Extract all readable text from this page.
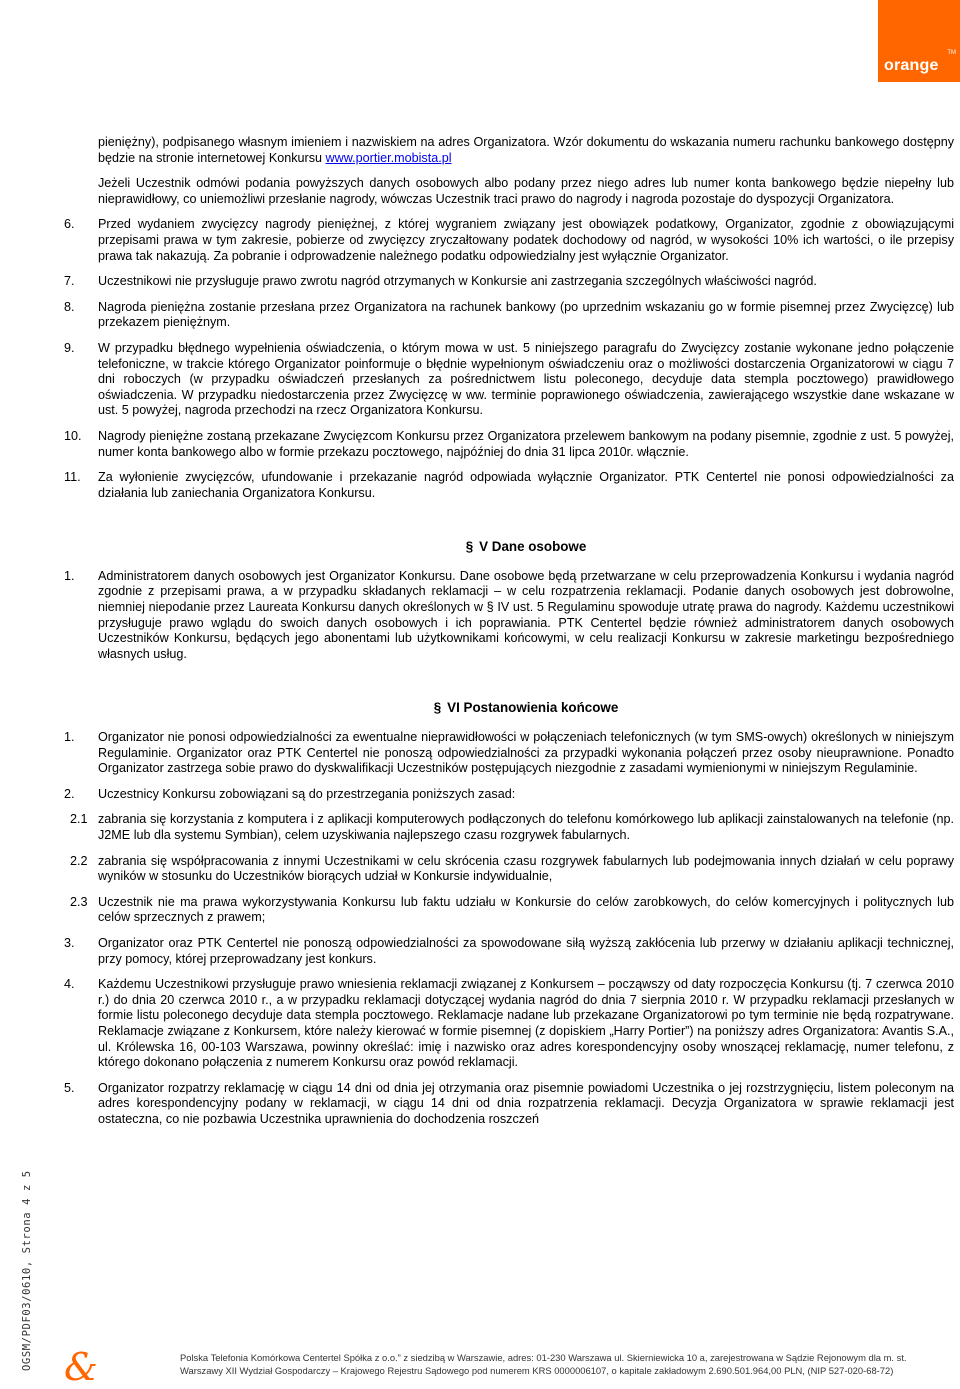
orange
TM

pieniężny), podpisanego własnym imieniem i nazwiskiem na adres Organizatora. Wzór dokumentu do wskazania numeru rachunku bankowego dostępny będzie na stronie internetowej Konkursu www.portier.mobista.pl

Jeżeli Uczestnik odmówi podania powyższych danych osobowych albo podany przez niego adres lub numer konta bankowego będzie niepełny lub nieprawidłowy, co uniemożliwi przesłanie nagrody, wówczas Uczestnik traci prawo do nagrody i nagroda pozostaje do dyspozycji Organizatora.

6. Przed wydaniem zwycięzcy nagrody pieniężnej, z której wygraniem związany jest obowiązek podatkowy, Organizator, zgodnie z obowiązującymi przepisami prawa w tym zakresie, pobierze od zwycięzcy zryczałtowany podatek dochodowy od nagród, w wysokości 10% ich wartości, o ile przepisy prawa tak nakazują. Za pobranie i odprowadzenie należnego podatku odpowiedzialny jest wyłącznie Organizator.
7. Uczestnikowi nie przysługuje prawo zwrotu nagród otrzymanych w Konkursie ani zastrzegania szczególnych właściwości nagród.
8. Nagroda pieniężna zostanie przesłana przez Organizatora na rachunek bankowy (po uprzednim wskazaniu go w formie pisemnej przez Zwycięzcę) lub przekazem pieniężnym.
9. W przypadku błędnego wypełnienia oświadczenia, o którym mowa w ust. 5 niniejszego paragrafu do Zwycięzcy zostanie wykonane jedno połączenie telefoniczne, w trakcie którego Organizator poinformuje o błędnie wypełnionym oświadczeniu oraz o możliwości dostarczenia Organizatorowi w ciągu 7 dni roboczych (w przypadku oświadczeń przesłanych za pośrednictwem listu poleconego, decyduje data stempla pocztowego) prawidłowego oświadczenia. W przypadku niedostarczenia przez Zwycięzcę w ww. terminie poprawionego oświadczenia, zawierającego wszystkie dane wskazane w ust. 5 powyżej, nagroda przechodzi na rzecz Organizatora Konkursu.
10. Nagrody pieniężne zostaną przekazane Zwycięzcom Konkursu przez Organizatora przelewem bankowym na podany pisemnie, zgodnie z ust. 5 powyżej, numer konta bankowego albo w formie przekazu pocztowego, najpóźniej do dnia 31 lipca 2010r. włącznie.
11. Za wyłonienie zwycięzców, ufundowanie i przekazanie nagród odpowiada wyłącznie Organizator. PTK Centertel nie ponosi odpowiedzialności za działania lub zaniechania Organizatora Konkursu.
§ V Dane osobowe
1. Administratorem danych osobowych jest Organizator Konkursu. Dane osobowe będą przetwarzane w celu przeprowadzenia Konkursu i wydania nagród zgodnie z przepisami prawa, a w przypadku składanych reklamacji – w celu rozpatrzenia reklamacji. Podanie danych osobowych jest dobrowolne, niemniej niepodanie przez Laureata Konkursu danych określonych w § IV ust. 5 Regulaminu spowoduje utratę prawa do nagrody. Każdemu uczestnikowi przysługuje prawo wglądu do swoich danych osobowych i ich poprawiania. PTK Centertel będzie również administratorem danych osobowych Uczestników Konkursu, będących jego abonentami lub użytkownikami końcowymi, w celu realizacji Konkursu w zakresie marketingu bezpośredniego własnych usług.
§ VI Postanowienia końcowe
1. Organizator nie ponosi odpowiedzialności za ewentualne nieprawidłowości w połączeniach telefonicznych (w tym SMS-owych) określonych w niniejszym Regulaminie. Organizator oraz PTK Centertel nie ponoszą odpowiedzialności za przypadki wykonania połączeń przez osoby nieuprawnione. Ponadto Organizator zastrzega sobie prawo do dyskwalifikacji Uczestników postępujących niezgodnie z zasadami wymienionymi w niniejszym Regulaminie.
2. Uczestnicy Konkursu zobowiązani są do przestrzegania poniższych zasad:
2.1 zabrania się korzystania z komputera i z aplikacji komputerowych podłączonych do telefonu komórkowego lub aplikacji zainstalowanych na telefonie (np. J2ME lub dla systemu Symbian), celem uzyskiwania najlepszego czasu rozgrywek fabularnych.
2.2 zabrania się współpracowania z innymi Uczestnikami w celu skrócenia czasu rozgrywek fabularnych lub podejmowania innych działań w celu poprawy wyników w stosunku do Uczestników biorących udział w Konkursie indywidualnie,
2.3 Uczestnik nie ma prawa wykorzystywania Konkursu lub faktu udziału w Konkursie do celów zarobkowych, do celów komercyjnych i politycznych lub celów sprzecznych z prawem;
3. Organizator oraz PTK Centertel nie ponoszą odpowiedzialności za spowodowane siłą wyższą zakłócenia lub przerwy w działaniu aplikacji technicznej, przy pomocy, której przeprowadzany jest konkurs.
4. Każdemu Uczestnikowi przysługuje prawo wniesienia reklamacji związanej z Konkursem – począwszy od daty rozpoczęcia Konkursu (tj. 7 czerwca 2010 r.) do dnia 20 czerwca 2010 r., a w przypadku reklamacji dotyczącej wydania nagród do dnia 7 sierpnia 2010 r. W przypadku reklamacji przesłanych w formie listu poleconego decyduje data stempla pocztowego. Reklamacje nadane lub przekazane Organizatorowi po tym terminie nie będą rozpatrywane. Reklamacje związane z Konkursem, które należy kierować w formie pisemnej (z dopiskiem „Harry Portier”) na poniższy adres Organizatora: Avantis S.A., ul. Królewska 16, 00-103 Warszawa, powinny określać: imię i nazwisko oraz adres korespondencyjny osoby wnoszącej reklamację, numer telefonu, z którego dokonano połączenia z numerem Konkursu oraz powód reklamacji.
5. Organizator rozpatrzy reklamację w ciągu 14 dni od dnia jej otrzymania oraz pisemnie powiadomi Uczestnika o jej rozstrzygnięciu, listem poleconym na adres korespondencyjny podany w reklamacji, w ciągu 14 dni od dnia rozpatrzenia reklamacji. Decyzja Organizatora w sprawie reklamacji jest ostateczna, co nie pozbawia Uczestnika uprawnienia do dochodzenia roszczeń
OGSM/PDF03/0610, Strona 4 z 5 &	Polska Telefonia Komórkowa Centertel Spółka z o.o.” z siedzibą w Warszawie, adres: 01-230 Warszawa ul. Skierniewicka 10 a, zarejestrowana w Sądzie Rejonowym dla m. st. Warszawy XII Wydział Gospodarczy – Krajowego Rejestru Sądowego pod numerem KRS 0000006107, o kapitale zakładowym 2.690.501.964,00 PLN, (NIP 527-020-68-72)
